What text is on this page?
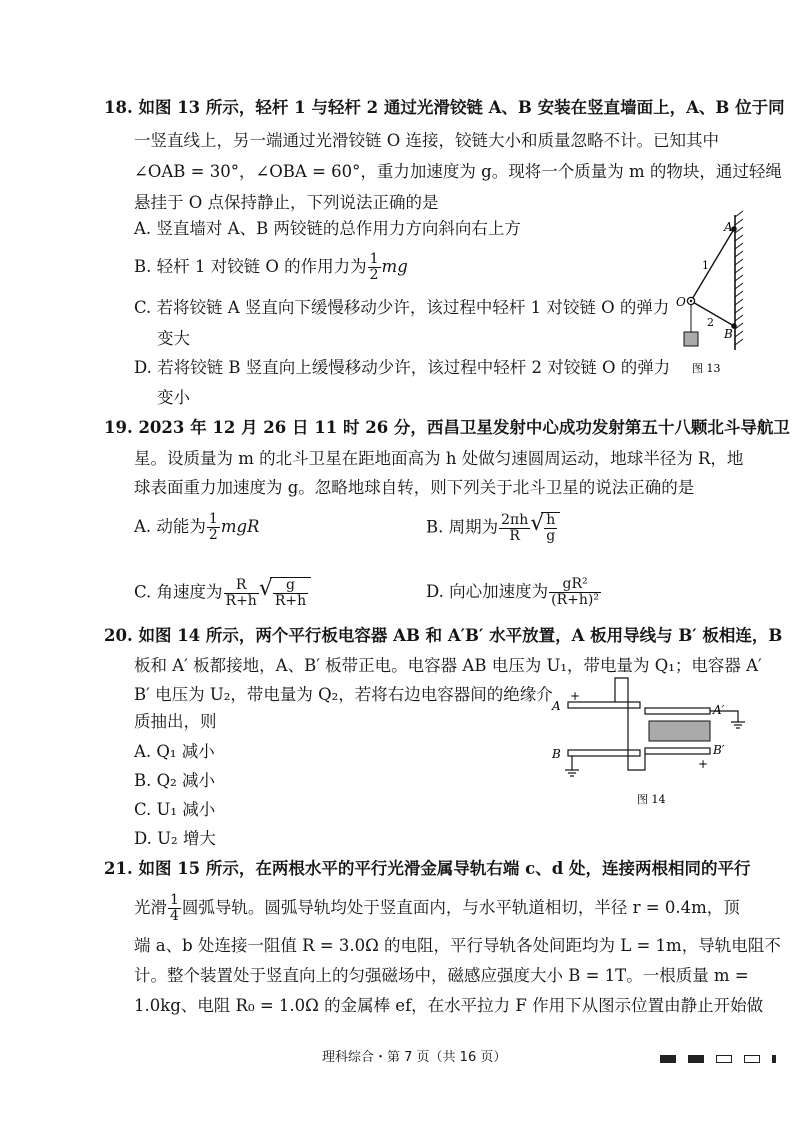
18. 如图 13 所示，轻杆 1 与轻杆 2 通过光滑铰链 A、B 安装在竖直墙面上，A、B 位于同
一竖直线上，另一端通过光滑铰链 O 连接，铰链大小和质量忽略不计。已知其中
∠OAB = 30°，∠OBA = 60°，重力加速度为 g。现将一个质量为 m 的物块，通过轻绳
悬挂于 O 点保持静止，下列说法正确的是
A. 竖直墙对 A、B 两铰链的总作用力方向斜向右上方
B. 轻杆 1 对铰链 O 的作用力为 $\frac{1}{2}$ mg
C. 若将铰链 A 竖直向下缓慢移动少许，该过程中轻杆 1 对铰链 O 的弹力
变大
D. 若将铰链 B 竖直向上缓慢移动少许，该过程中轻杆 2 对铰链 O 的弹力
变小
A
B
O
1
2
图 13
19. 2023 年 12 月 26 日 11 时 26 分，西昌卫星发射中心成功发射第五十八颗北斗导航卫
星。设质量为 m 的北斗卫星在距地面高为 h 处做匀速圆周运动，地球半径为 R，地
球表面重力加速度为 g。忽略地球自转，则下列关于北斗卫星的说法正确的是
A. 动能为 $\frac{1}{2}$ mgR	B. 周期为 $\frac{2\pi h}{R}$ √ $\frac{h}{g}$
C. 角速度为 $\frac{R}{R+h}$ √ $\frac{g}{R+h}$	D. 向心加速度为 $\frac{\text{gR²}}{\text{(R+h)²}}$
20. 如图 14 所示，两个平行板电容器 AB 和 A′B′ 水平放置，A 板用导线与 B′ 板相连，B
板和 A′ 板都接地，A、B′ 板带正电。电容器 AB 电压为 U₁，带电量为 Q₁；电容器 A′
B′ 电压为 U₂，带电量为 Q₂，若将右边电容器间的绝缘介
质抽出，则
A. Q₁ 减小
B. Q₂ 减小
C. U₁ 减小
D. U₂ 增大
A
B
A′
B′
+
+
图 14
21. 如图 15 所示，在两根水平的平行光滑金属导轨右端 c、d 处，连接两根相同的平行
光滑 $\frac{1}{4}$ 圆弧导轨。圆弧导轨均处于竖直面内，与水平轨道相切，半径 r = 0.4m，顶
端 a、b 处连接一阻值 R = 3.0Ω 的电阻，平行导轨各处间距均为 L = 1m，导轨电阻不
计。整个装置处于竖直向上的匀强磁场中，磁感应强度大小 B = 1T。一根质量 m =
1.0kg、电阻 R₀ = 1.0Ω 的金属棒 ef，在水平拉力 F 作用下从图示位置由静止开始做
理科综合・第 7 页（共 16 页）
